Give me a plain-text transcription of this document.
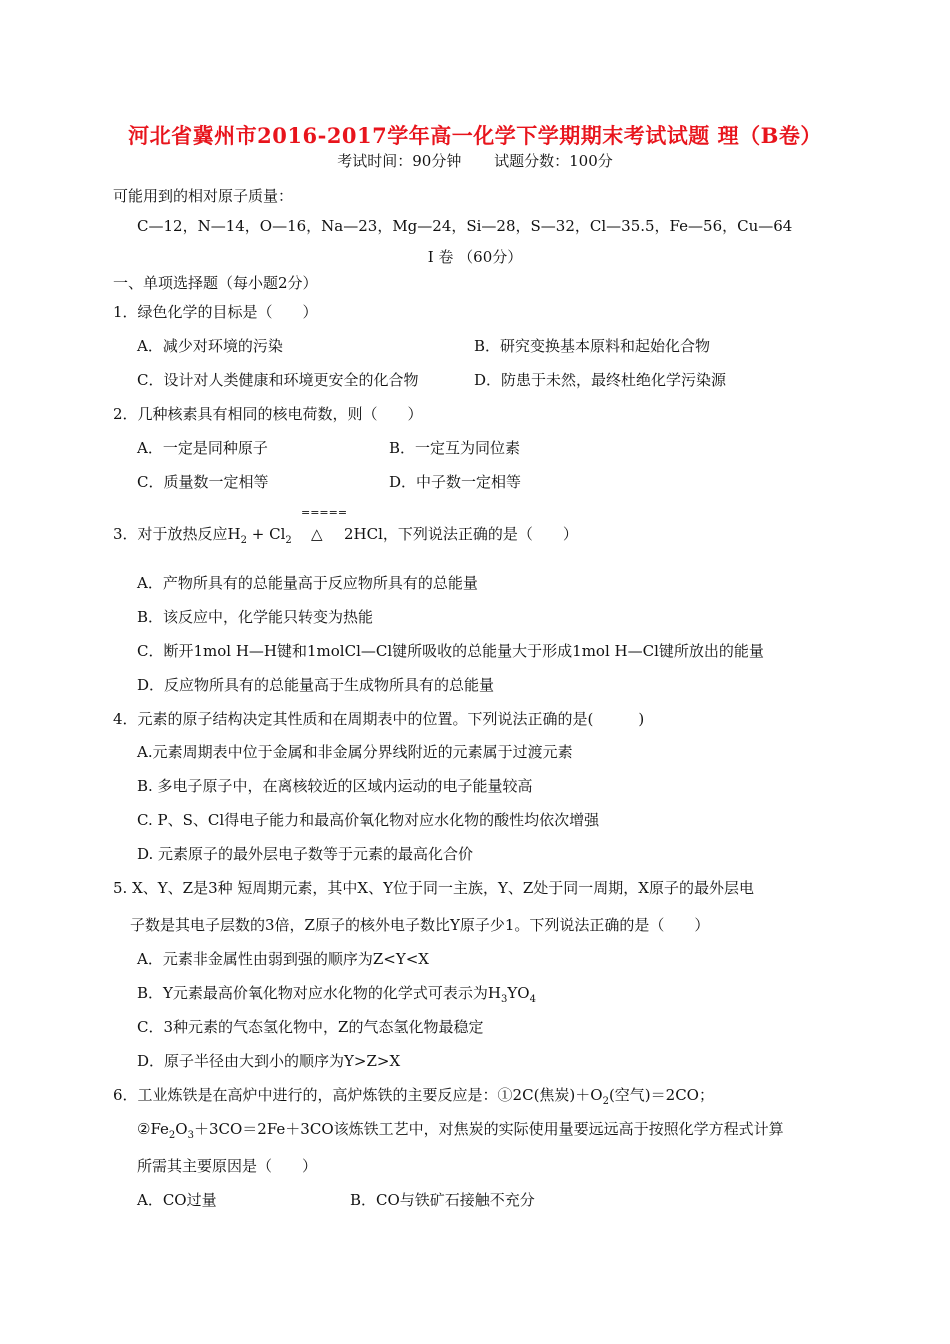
河北省冀州市2016-2017学年高一化学下学期期末考试试题 理（B卷）
考试时间：90分钟 试题分数：100分
可能用到的相对原子质量：
C—12，N—14，O—16，Na—23，Mg—24，Si—28，S—32，Cl—35.5，Fe—56，Cu—64
Ⅰ 卷 （60分）
一、单项选择题（每小题2分）
1．绿色化学的目标是（　　）
A．减少对环境的污染	B．研究变换基本原料和起始化合物
C．设计对人类健康和环境更安全的化合物	D．防患于未然，最终杜绝化学污染源
2．几种核素具有相同的核电荷数，则（　　）
A．一定是同种原子	B．一定互为同位素
C．质量数一定相等	D．中子数一定相等
3．对于放热反应$H_2 + Cl_2$
=====
△ 2HCl，下列说法正确的是（　　）
A．产物所具有的总能量高于反应物所具有的总能量
B．该反应中，化学能只转变为热能
C．断开1mol H—H键和1molCl—Cl键所吸收的总能量大于形成1mol H—Cl键所放出的能量
D．反应物所具有的总能量高于生成物所具有的总能量
4．元素的原子结构决定其性质和在周期表中的位置。下列说法正确的是(　　　)
A.元素周期表中位于金属和非金属分界线附近的元素属于过渡元素
B. 多电子原子中，在离核较近的区域内运动的电子能量较高
C. P、S、Cl得电子能力和最高价氧化物对应水化物的酸性均依次增强
D. 元素原子的最外层电子数等于元素的最高化合价
5. X、Y、Z是3种 短周期元素，其中X、Y位于同一主族，Y、Z处于同一周期，X原子的最外层电
子数是其电子层数的3倍，Z原子的核外电子数比Y原子少1。下列说法正确的是（　　）
A．元素非金属性由弱到强的顺序为Z<Y<X
B．Y元素最高价氧化物对应水化物的化学式可表示为$H_3YO_4$
C．3种元素的气态氢化物中，Z的气态氢化物最稳定
D．原子半径由大到小的顺序为Y>Z>X
6．工业炼铁是在高炉中进行的，高炉炼铁的主要反应是：①2C(焦炭)$+O_2$(空气)＝2CO；
$②Fe_2O_3+3CO=2Fe+3CO$该炼铁工艺中，对焦炭的实际使用量要远远高于按照化学方程式计算
所需其主要原因是（　　）
A．CO过量	B．CO与铁矿石接触不充分
